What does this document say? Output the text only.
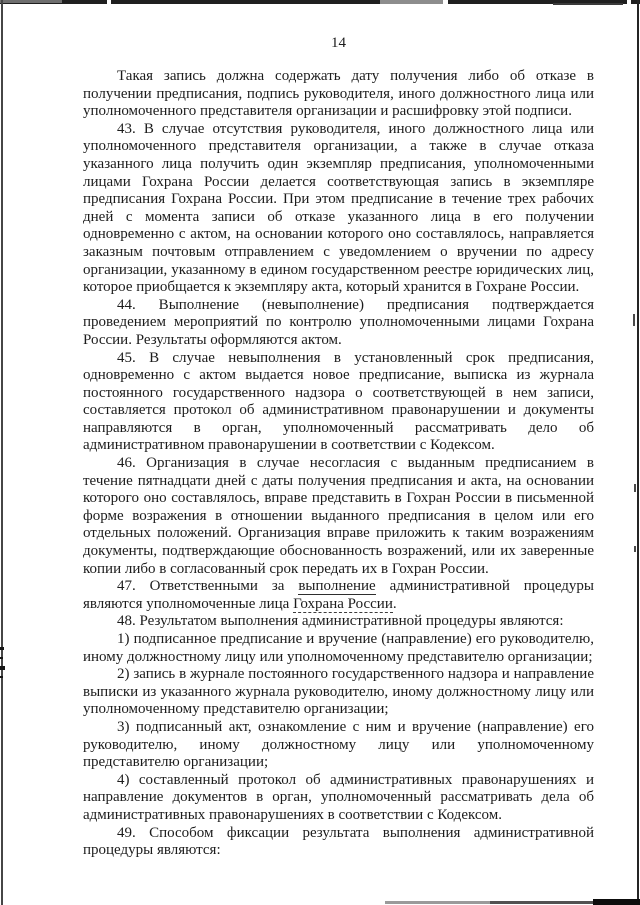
14

Такая запись должна содержать дату получения либо об отказе в получении предписания, подпись руководителя, иного должностного лица или уполномоченного представителя организации и расшифровку этой подписи.

43. В случае отсутствия руководителя, иного должностного лица или уполномоченного представителя организации, а также в случае отказа указанного лица получить один экземпляр предписания, уполномоченными лицами Гохрана России делается соответствующая запись в экземпляре предписания Гохрана России. При этом предписание в течение трех рабочих дней с момента записи об отказе указанного лица в его получении одновременно с актом, на основании которого оно составлялось, направляется заказным почтовым отправлением с уведомлением о вручении по адресу организации, указанному в едином государственном реестре юридических лиц, которое приобщается к экземпляру акта, который хранится в Гохране России.

44. Выполнение (невыполнение) предписания подтверждается проведением мероприятий по контролю уполномоченными лицами Гохрана России. Результаты оформляются актом.

45. В случае невыполнения в установленный срок предписания, одновременно с актом выдается новое предписание, выписка из журнала постоянного государственного надзора о соответствующей в нем записи, составляется протокол об административном правонарушении и документы направляются в орган, уполномоченный рассматривать дело об административном правонарушении в соответствии с Кодексом.

46. Организация в случае несогласия с выданным предписанием в течение пятнадцати дней с даты получения предписания и акта, на основании которого оно составлялось, вправе представить в Гохран России в письменной форме возражения в отношении выданного предписания в целом или его отдельных положений. Организация вправе приложить к таким возражениям документы, подтверждающие обоснованность возражений, или их заверенные копии либо в согласованный срок передать их в Гохран России.

47. Ответственными за выполнение административной процедуры являются уполномоченные лица Гохрана России.

48. Результатом выполнения административной процедуры являются:

1) подписанное предписание и вручение (направление) его руководителю, иному должностному лицу или уполномоченному представителю организации;

2) запись в журнале постоянного государственного надзора и направление выписки из указанного журнала руководителю, иному должностному лицу или уполномоченному представителю организации;

3) подписанный акт, ознакомление с ним и вручение (направление) его руководителю, иному должностному лицу или уполномоченному представителю организации;

4) составленный протокол об административных правонарушениях и направление документов в орган, уполномоченный рассматривать дела об административных правонарушениях в соответствии с Кодексом.

49. Способом фиксации результата выполнения административной процедуры являются:
